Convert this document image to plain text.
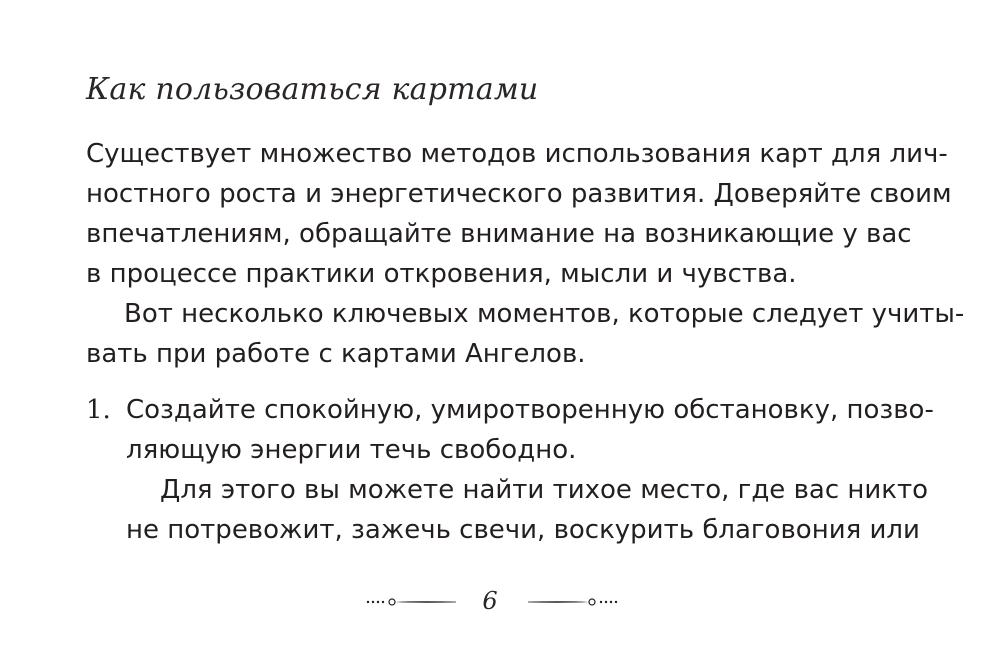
Как пользоваться картами
Существует множество методов использования карт для лич-
ностного роста и энергетического развития. Доверяйте своим
впечатлениям, обращайте внимание на возникающие у вас
в процессе практики откровения, мысли и чувства.
Вот несколько ключевых моментов, которые следует учиты-
вать при работе с картами Ангелов.
1. Создайте спокойную, умиротворенную обстановку, позво-
ляющую энергии течь свободно.
Для этого вы можете найти тихое место, где вас никто
не потревожит, зажечь свечи, воскурить благовония или
6
